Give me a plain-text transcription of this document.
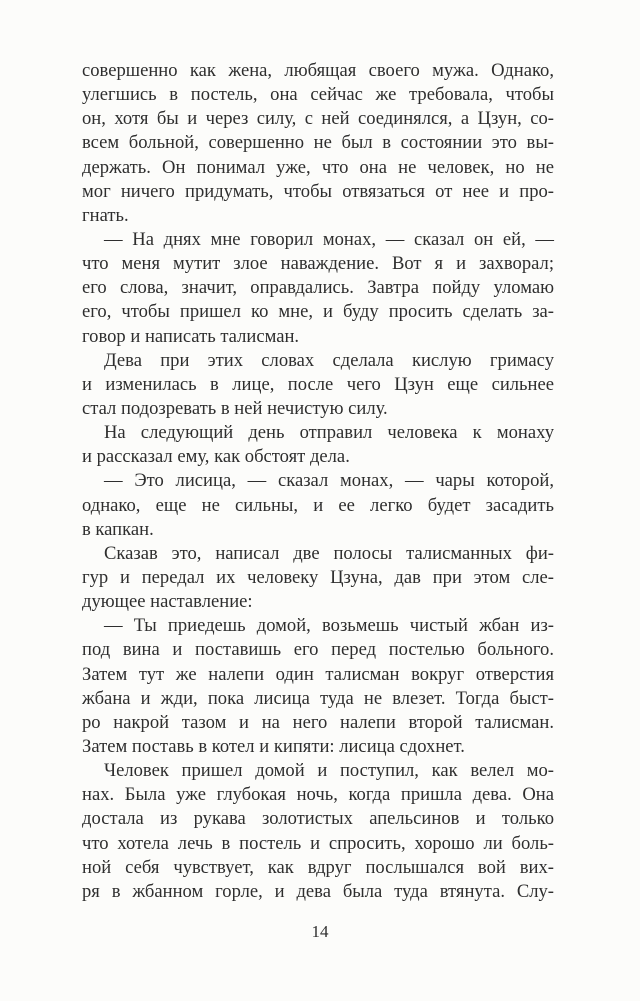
совершенно как жена, любящая своего мужа. Однако,
улегшись в постель, она сейчас же требовала, чтобы
он, хотя бы и через силу, с ней соединялся, а Цзун, со-
всем больной, совершенно не был в состоянии это вы-
держать. Он понимал уже, что она не человек, но не
мог ничего придумать, чтобы отвязаться от нее и про-
гнать.
— На днях мне говорил монах, — сказал он ей, —
что меня мутит злое наваждение. Вот я и захворал;
его слова, значит, оправдались. Завтра пойду уломаю
его, чтобы пришел ко мне, и буду просить сделать за-
говор и написать талисман.
Дева при этих словах сделала кислую гримасу
и изменилась в лице, после чего Цзун еще сильнее
стал подозревать в ней нечистую силу.
На следующий день отправил человека к монаху
и рассказал ему, как обстоят дела.
— Это лисица, — сказал монах, — чары которой,
однако, еще не сильны, и ее легко будет засадить
в капкан.
Сказав это, написал две полосы талисманных фи-
гур и передал их человеку Цзуна, дав при этом сле-
дующее наставление:
— Ты приедешь домой, возьмешь чистый жбан из-
под вина и поставишь его перед постелью больного.
Затем тут же налепи один талисман вокруг отверстия
жбана и жди, пока лисица туда не влезет. Тогда быст-
ро накрой тазом и на него налепи второй талисман.
Затем поставь в котел и кипяти: лисица сдохнет.
Человек пришел домой и поступил, как велел мо-
нах. Была уже глубокая ночь, когда пришла дева. Она
достала из рукава золотистых апельсинов и только
что хотела лечь в постель и спросить, хорошо ли боль-
ной себя чувствует, как вдруг послышался вой вих-
ря в жбанном горле, и дева была туда втянута. Слу-
14
